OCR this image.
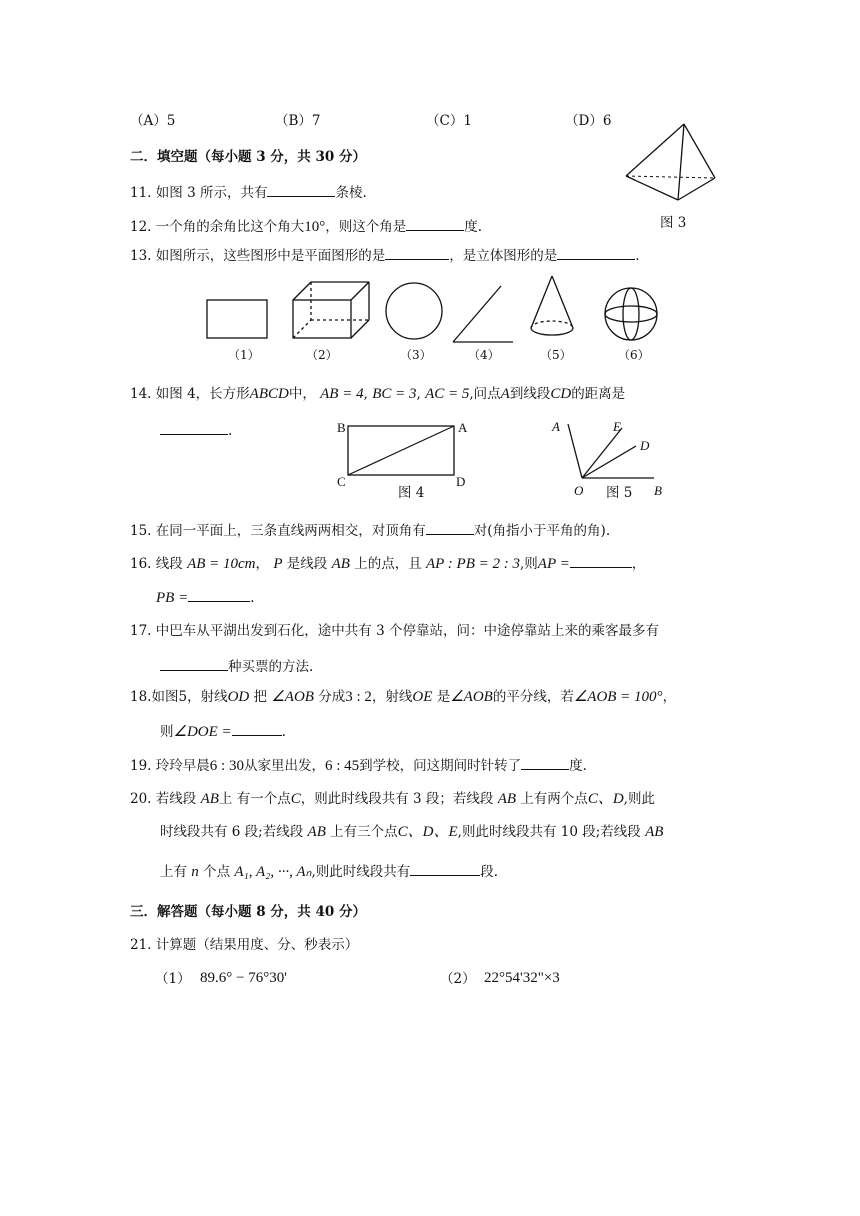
（A）5	（B）7	（C）1	（D）6
图 3
二．填空题（每小题 3 分，共 30 分）
11. 如图 3 所示，共有	条棱.
12. 一个角的余角比这个角大10°，则这个角是	度.
13. 如图所示，这些图形中是平面图形的是	，是立体图形的是	.
（1）	（2）	（3）	（4）	（5）	（6）
14. 如图 4，长方形ABCD中， AB = 4, BC = 3, AC = 5,问点A到线段CD的距离是
.	B	A
C	D
图 4
A	E
D
O 图 5 B
15. 在同一平面上，三条直线两两相交，对顶角有	对(角指小于平角的角).
16. 线段 AB = 10cm， P 是线段 AB 上的点，且 AP : PB = 2 : 3,则AP =	，
PB =	.
17. 中巴车从平湖出发到石化，途中共有 3 个停靠站，问：中途停靠站上来的乘客最多有
种买票的方法.
18.如图5，射线OD 把 ∠AOB 分成3 : 2，射线OE 是∠AOB的平分线，若∠AOB = 100°，
则∠DOE =	.
19. 玲玲早晨6 : 30从家里出发，6 : 45到学校，问这期间时针转了	度.
20. 若线段 AB上 有一个点C，则此时线段共有 3 段；若线段 AB 上有两个点C、D,则此
时线段共有 6 段;若线段 AB 上有三个点C、D、E,则此时线段共有 10 段;若线段 AB
上有 n 个点 A₁, A₂, ···, Aₙ,则此时线段共有	段.
三．解答题（每小题 8 分，共 40 分）
21. 计算题（结果用度、分、秒表示）
（1） 89.6° − 76°30'	（2） 22°54'32"×3
